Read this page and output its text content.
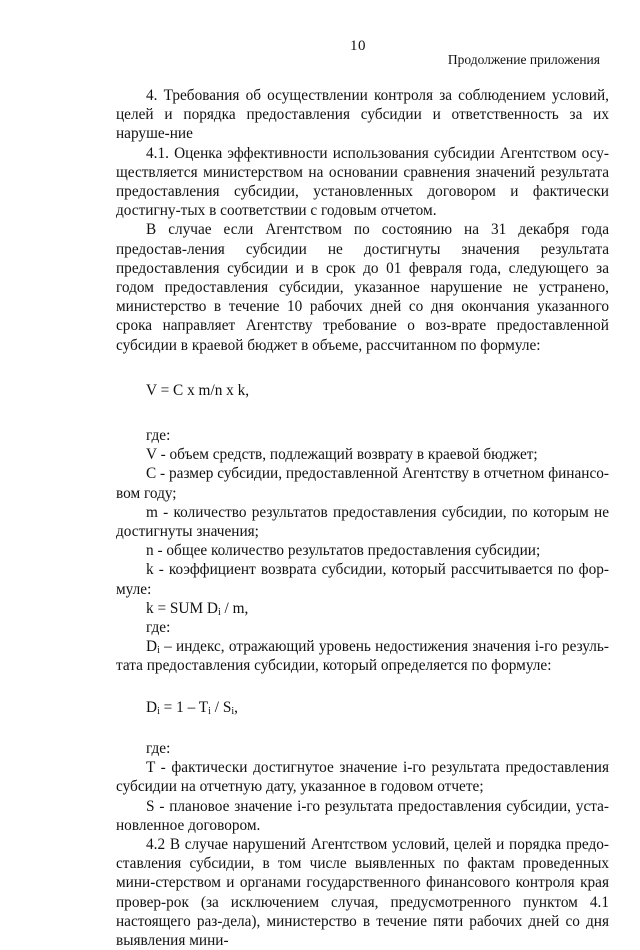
10
Продолжение приложения

4. Требования об осуществлении контроля за соблюдением условий, целей и порядка предоставления субсидии и ответственность за их наруше-ние

4.1. Оценка эффективности использования субсидии Агентством осу-ществляется министерством на основании сравнения значений результата предоставления субсидии, установленных договором и фактически достигну-тых в соответствии с годовым отчетом.

В случае если Агентством по состоянию на 31 декабря года предостав-ления субсидии не достигнуты значения результата предоставления субсидии и в срок до 01 февраля года, следующего за годом предоставления субсидии, указанное нарушение не устранено, министерство в течение 10 рабочих дней со дня окончания указанного срока направляет Агентству требование о воз-врате предоставленной субсидии в краевой бюджет в объеме, рассчитанном по формуле:

V = C x m/n x k,

где:

V - объем средств, подлежащий возврату в краевой бюджет;

C - размер субсидии, предоставленной Агентству в отчетном финансо-вом году;

m - количество результатов предоставления субсидии, по которым не достигнуты значения;

n - общее количество результатов предоставления субсидии;

k - коэффициент возврата субсидии, который рассчитывается по фор-муле:

k = SUM $D_i$ / m,

где:

$D_i$ – индекс, отражающий уровень недостижения значения i-го резуль-тата предоставления субсидии, который определяется по формуле:

$D_i = 1 - T_i / S_i$,

где:

T - фактически достигнутое значение i-го результата предоставления субсидии на отчетную дату, указанное в годовом отчете;

S - плановое значение i-го результата предоставления субсидии, уста-новленное договором.

4.2 В случае нарушений Агентством условий, целей и порядка предо-ставления субсидии, в том числе выявленных по фактам проведенных мини-стерством и органами государственного финансового контроля края провер-рок (за исключением случая, предусмотренного пунктом 4.1 настоящего раз-дела), министерство в течение пяти рабочих дней со дня выявления мини-
